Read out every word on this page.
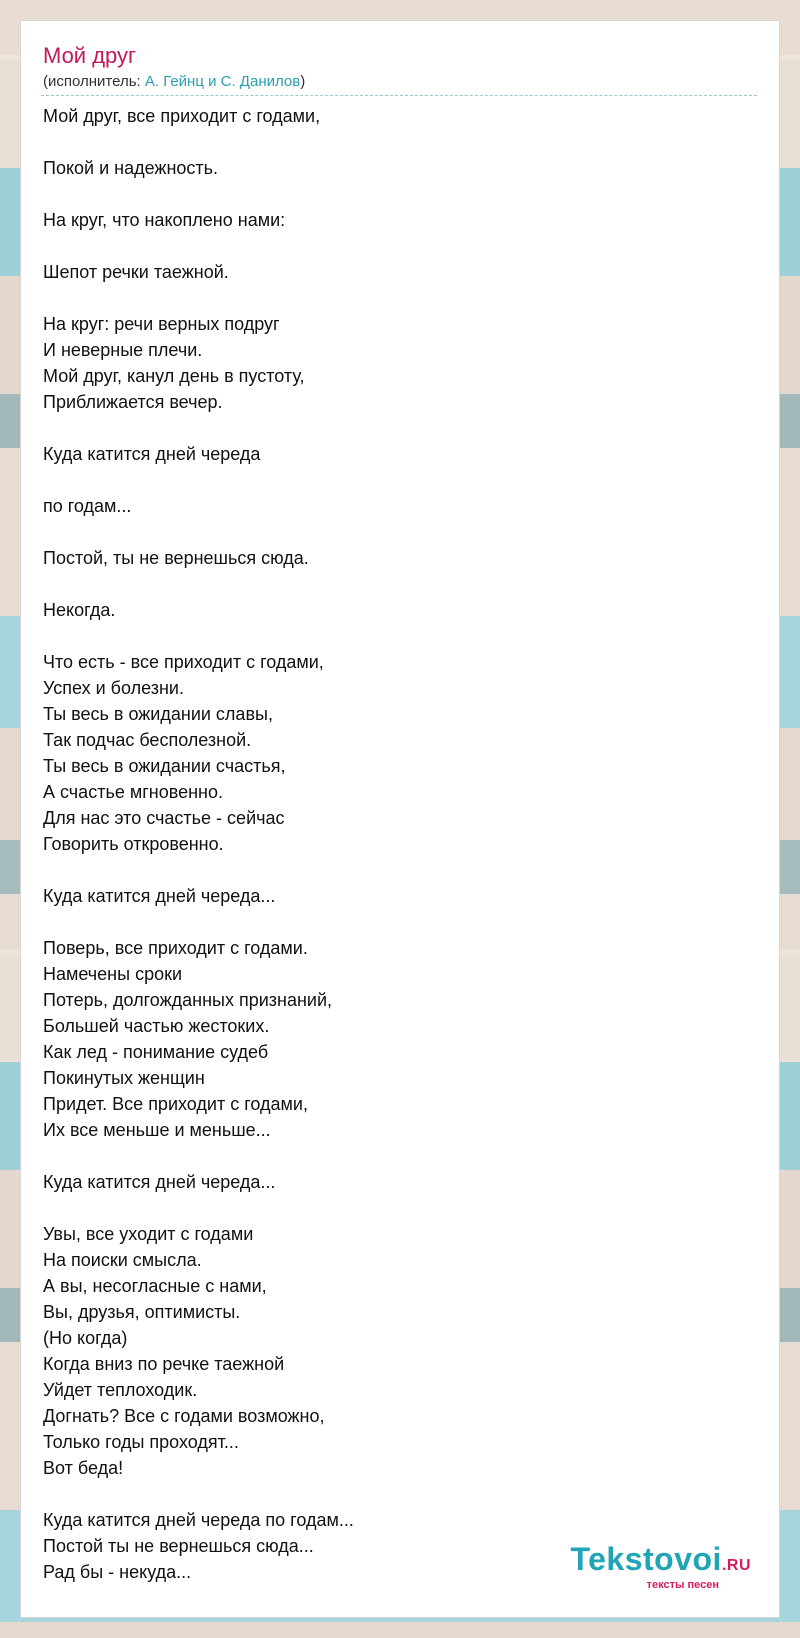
Мой друг
(исполнитель: А. Гейнц и С. Данилов)
Мой друг, все приходит с годами,
Покой и надежность.
На круг, что накоплено нами:
Шепот речки таежной.
На круг: речи верных подруг
И неверные плечи.
Мой друг, канул день в пустоту,
Приближается вечер.
Куда катится дней череда
по годам...
Постой, ты не вернешься сюда.
Некогда.
Что есть - все приходит с годами,
Успех и болезни.
Ты весь в ожидании славы,
Так подчас бесполезной.
Ты весь в ожидании счастья,
А счастье мгновенно.
Для нас это счастье - сейчас
Говорить откровенно.
Куда катится дней череда...
Поверь, все приходит с годами.
Намечены сроки
Потерь, долгожданных признаний,
Большей частью жестоких.
Как лед - понимание судеб
Покинутых женщин
Придет. Все приходит с годами,
Их все меньше и меньше...
Куда катится дней череда...
Увы, все уходит с годами
На поиски смысла.
А вы, несогласные с нами,
Вы, друзья, оптимисты.
(Но когда)
Когда вниз по речке таежной
Уйдет теплоходик.
Догнать? Все с годами возможно,
Только годы проходят...
Вот беда!
Куда катится дней череда по годам...
Постой ты не вернешься сюда...
Рад бы - некуда...	Tekstovoi.RU
тексты песен
